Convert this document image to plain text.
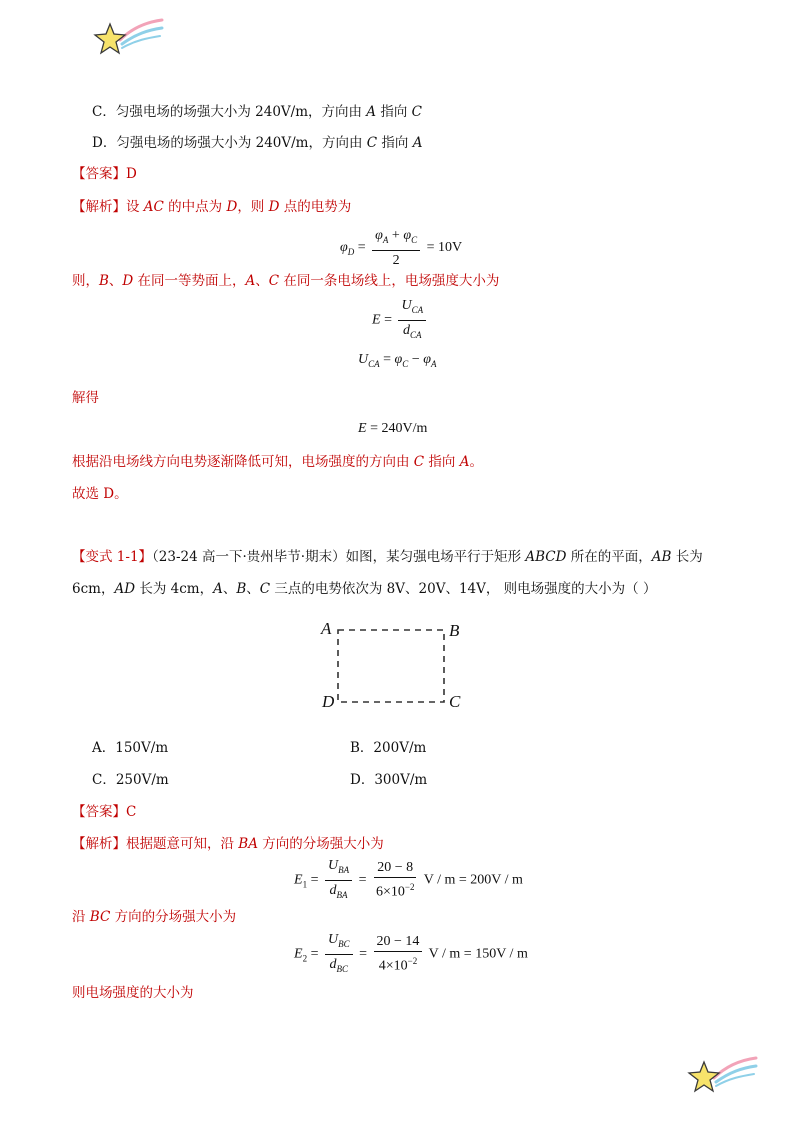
C．匀强电场的场强大小为 240V/m，方向由 A 指向 C
D．匀强电场的场强大小为 240V/m，方向由 C 指向 A
【答案】D
【解析】设 AC 的中点为 D，则 D 点的电势为
$\varphi_D = \frac{\varphi_A + \varphi_C}{2} = 10V$
则，B、D 在同一等势面上，A、C 在同一条电场线上，电场强度大小为
$E = \frac{U_{CA}}{d_{CA}}$
$U_{CA} = \varphi_C - \varphi_A$
解得
E = 240V/m
根据沿电场线方向电势逐渐降低可知，电场强度的方向由 C 指向 A。
故选 D。
【变式 1-1】（23-24 高一下·贵州毕节·期末）如图，某匀强电场平行于矩形 ABCD 所在的平面，AB 长为
6cm，AD 长为 4cm，A、B、C 三点的电势依次为 8V、20V、14V， 则电场强度的大小为（ ）
A	B
D	C
A．150V/m	B．200V/m
C．250V/m	D．300V/m
【答案】C
【解析】根据题意可知，沿 BA 方向的分场强大小为
$E_1 = \frac{U_{BA}}{d_{BA}} = \frac{20 - 8}{6\times 10^{-2}}$ V / m = 200V / m
沿 BC 方向的分场强大小为
$E_2 = \frac{U_{BC}}{d_{BC}} = \frac{20 - 14}{4\times 10^{-2}}$ V / m = 150V / m
则电场强度的大小为
